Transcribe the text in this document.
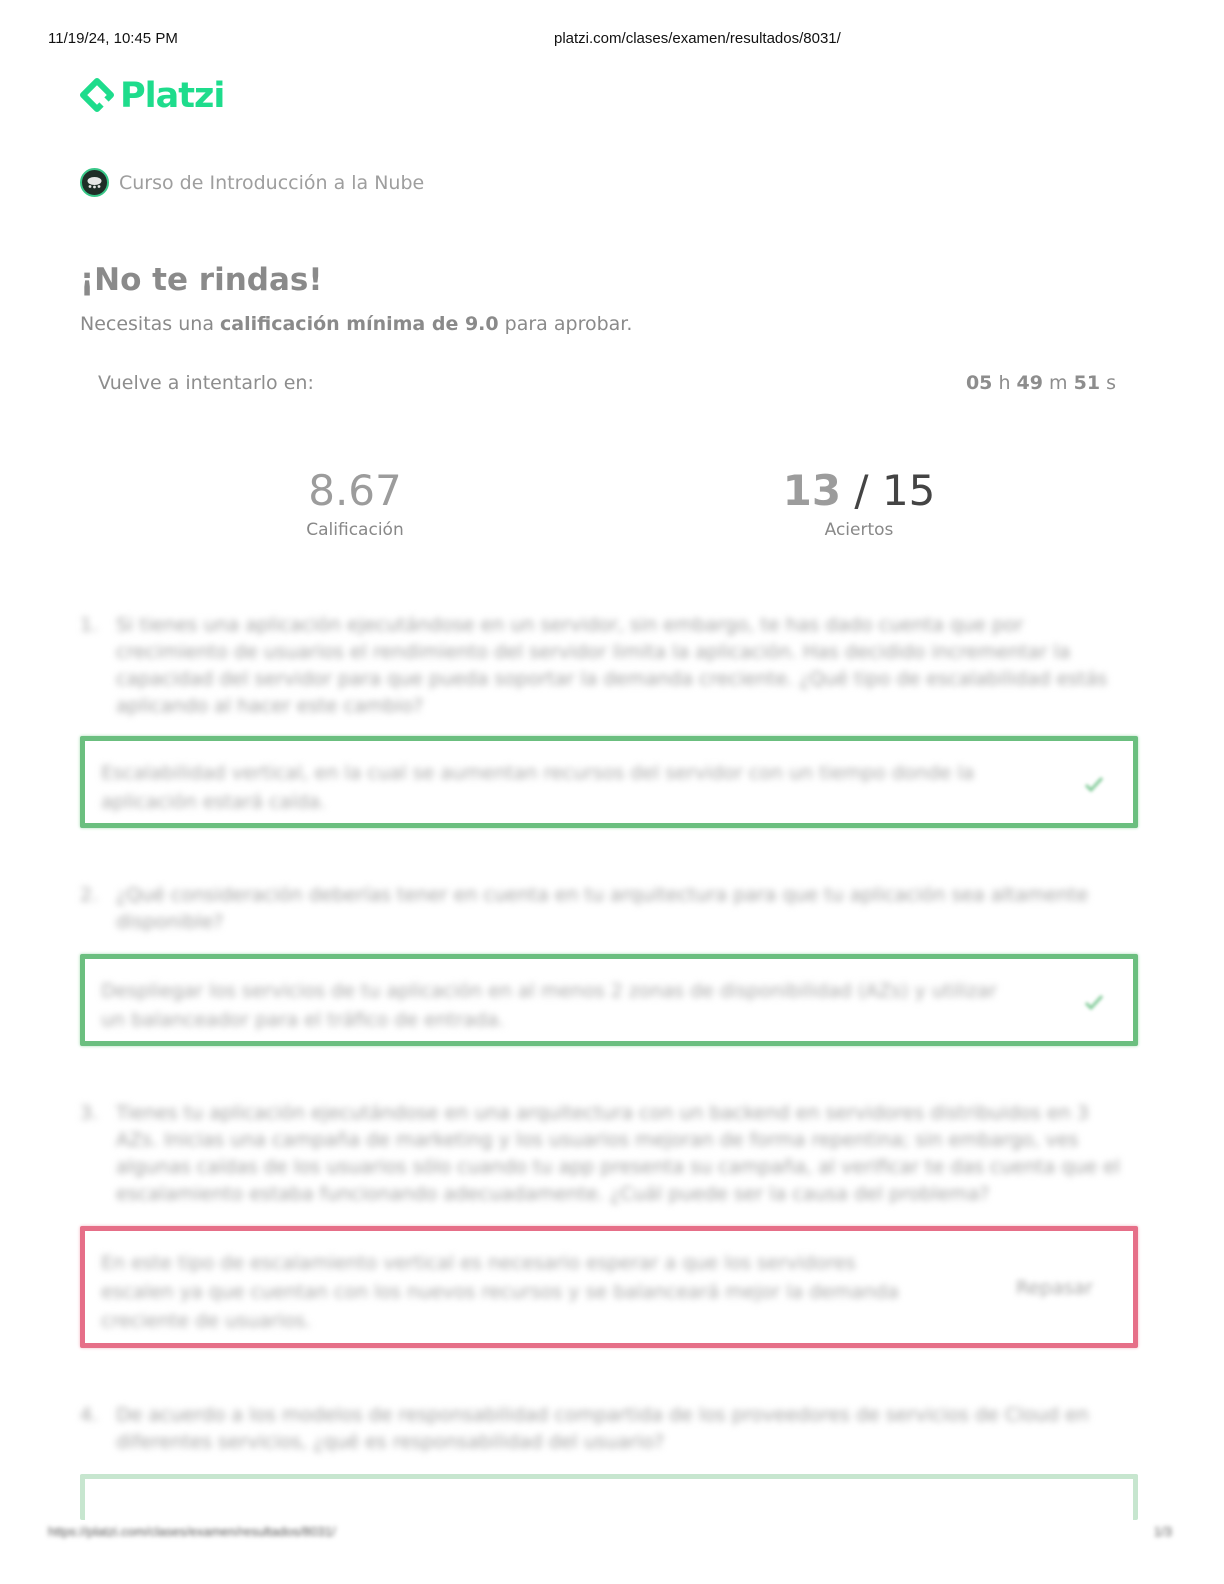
11/19/24, 10:45 PM	platzi.com/clases/examen/resultados/8031/
Platzi
Curso de Introducción a la Nube
¡No te rindas!

Necesitas una calificación mínima de 9.0 para aprobar.

Vuelve a intentarlo en:	05 h 49 m 51 s
8.67
Calificación
13 / 15
Aciertos
1. Si tienes una aplicación ejecutándose en un servidor, sin embargo, te has dado cuenta que por crecimiento de usuarios el rendimiento del servidor limita la aplicación. Has decidido incrementar la capacidad del servidor para que pueda soportar la demanda creciente. ¿Qué tipo de escalabilidad estás aplicando al hacer este cambio?
Escalabilidad vertical, en la cual se aumentan recursos del servidor con un tiempo donde la aplicación estará caída.
2. ¿Qué consideración deberías tener en cuenta en tu arquitectura para que tu aplicación sea altamente disponible?
Despliegar los servicios de tu aplicación en al menos 2 zonas de disponibilidad (AZs) y utilizar un balanceador para el tráfico de entrada.
3. Tienes tu aplicación ejecutándose en una arquitectura con un backend en servidores distribuidos en 3 AZs. Inicias una campaña de marketing y los usuarios mejoran de forma repentina; sin embargo, ves algunas caídas de los usuarios sólo cuando tu app presenta su campaña, al verificar te das cuenta que el escalamiento estaba funcionando adecuadamente. ¿Cuál puede ser la causa del problema?
En este tipo de escalamiento vertical es necesario esperar a que los servidores escalen ya que cuentan con los nuevos recursos y se balanceará mejor la demanda creciente de usuarios.
Repasar
4. De acuerdo a los modelos de responsabilidad compartida de los proveedores de servicios de Cloud en diferentes servicios, ¿qué es responsabilidad del usuario?
https://platzi.com/clases/examen/resultados/8031/	1/3
